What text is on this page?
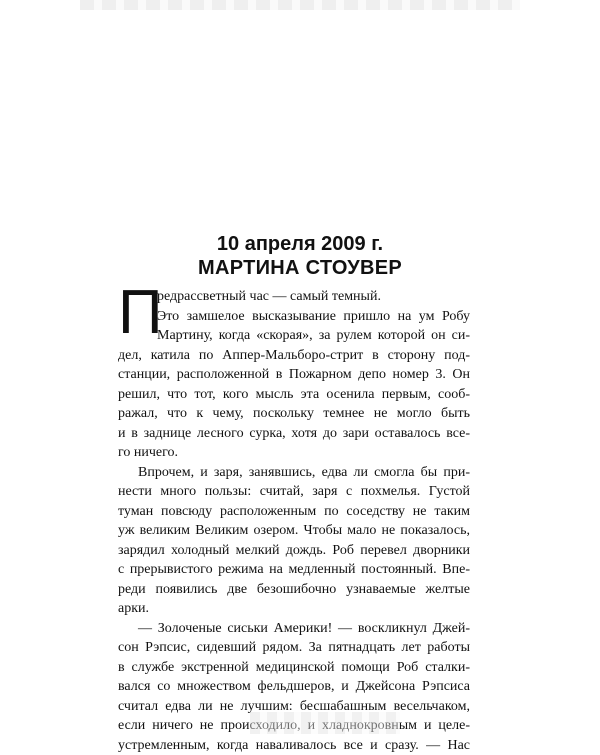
10 апреля 2009 г.
МАРТИНА СТОУВЕР
П
редрассветный час — самый темный.
Это замшелое высказывание пришло на ум Робу
Мартину, когда «скорая», за рулем которой он си-
дел, катила по Аппер-Мальборо-стрит в сторону под-
станции, расположенной в Пожарном депо номер 3. Он
решил, что тот, кого мысль эта осенила первым, сооб-
ражал, что к чему, поскольку темнее не могло быть
и в заднице лесного сурка, хотя до зари оставалось все-
го ничего.
Впрочем, и заря, занявшись, едва ли смогла бы при-
нести много пользы: считай, заря с похмелья. Густой
туман повсюду расположенным по соседству не таким
уж великим Великим озером. Чтобы мало не показалось,
зарядил холодный мелкий дождь. Роб перевел дворники
с прерывистого режима на медленный постоянный. Впе-
реди появились две безошибочно узнаваемые желтые
арки.
— Золоченые сиськи Америки! — воскликнул Джей-
сон Рэпсис, сидевший рядом. За пятнадцать лет работы
в службе экстренной медицинской помощи Роб сталки-
вался со множеством фельдшеров, и Джейсона Рэпсиса
считал едва ли не лучшим: бесшабашным весельчаком,
если ничего не происходило, и хладнокровным и целе-
устремленным, когда наваливалось все и сразу. — Нас
